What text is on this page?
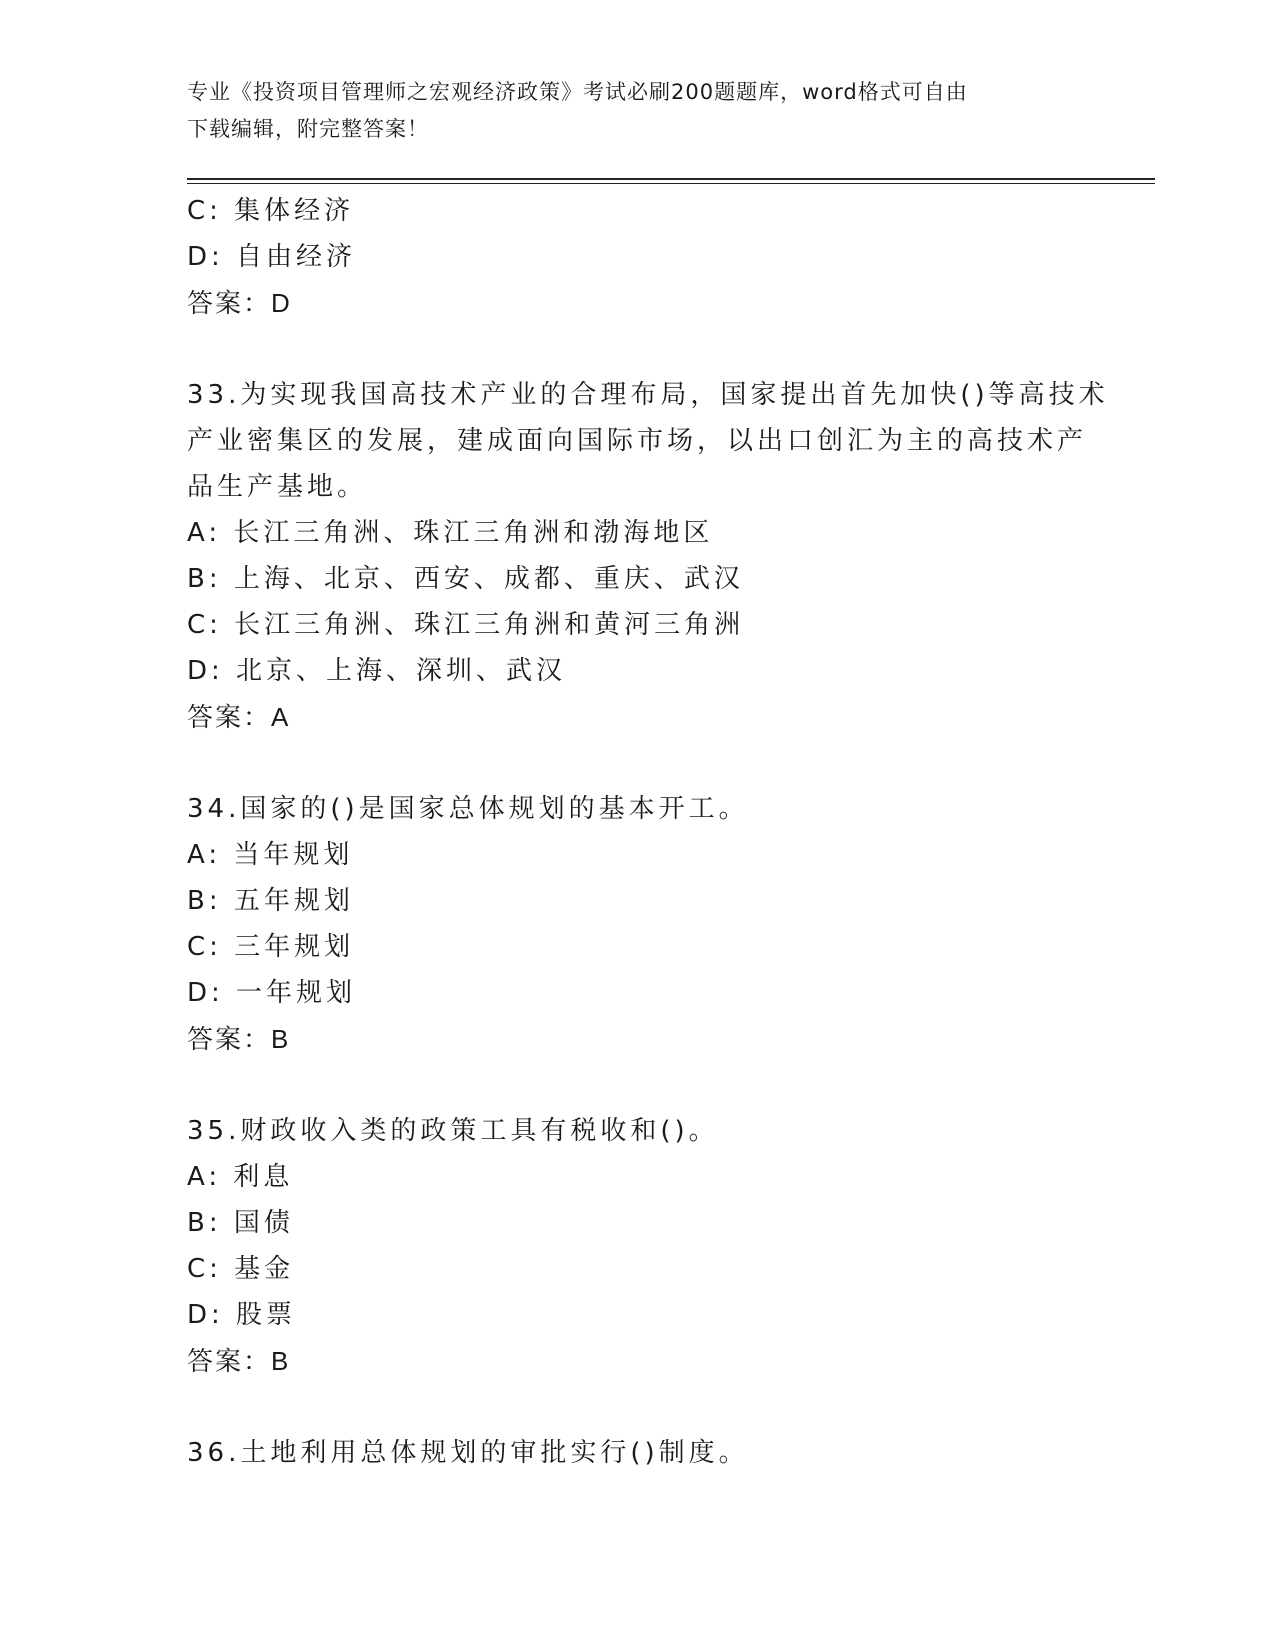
专业《投资项目管理师之宏观经济政策》考试必刷200题题库，word格式可自由
下载编辑，附完整答案！
C: 集体经济
D: 自由经济
答案：D
33.为实现我国高技术产业的合理布局，国家提出首先加快()等高技术
产业密集区的发展，建成面向国际市场，以出口创汇为主的高技术产
品生产基地。
A: 长江三角洲、珠江三角洲和渤海地区
B: 上海、北京、西安、成都、重庆、武汉
C: 长江三角洲、珠江三角洲和黄河三角洲
D: 北京、上海、深圳、武汉
答案：A
34.国家的()是国家总体规划的基本开工。
A: 当年规划
B: 五年规划
C: 三年规划
D: 一年规划
答案：B
35.财政收入类的政策工具有税收和()。
A: 利息
B: 国债
C: 基金
D: 股票
答案：B
36.土地利用总体规划的审批实行()制度。
